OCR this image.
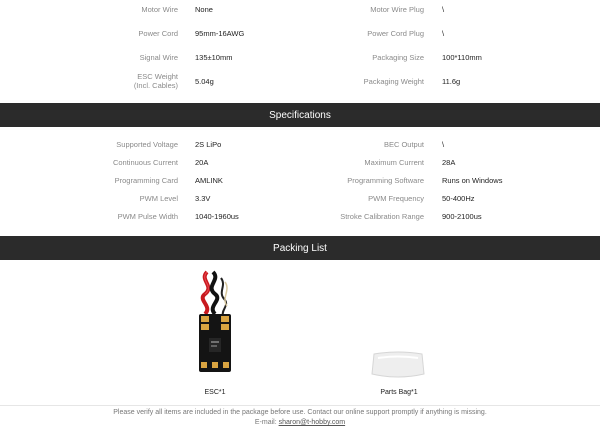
Motor Wire None	Motor Wire Plug \
Power Cord 95mm-16AWG	Power Cord Plug \
Signal Wire 135±10mm	Packaging Size 100*110mm
ESC Weight
(Incl. Cables) 5.04g	Packaging Weight 11.6g
Specifications
Supported Voltage 2S LiPo	BEC Output \
Continuous Current 20A	Maximum Current 28A
Programming Card AMLINK	Programming Software Runs on Windows
PWM Level 3.3V	PWM Frequency 50-400Hz
PWM Pulse Width 1040-1960us	Stroke Calibration Range 900-2100us
Packing List
ESC*1	Parts Bag*1
Please verify all items are included in the package before use. Contact our online support promptly if anything is missing.
E-mail: sharon@t-hobby.com
